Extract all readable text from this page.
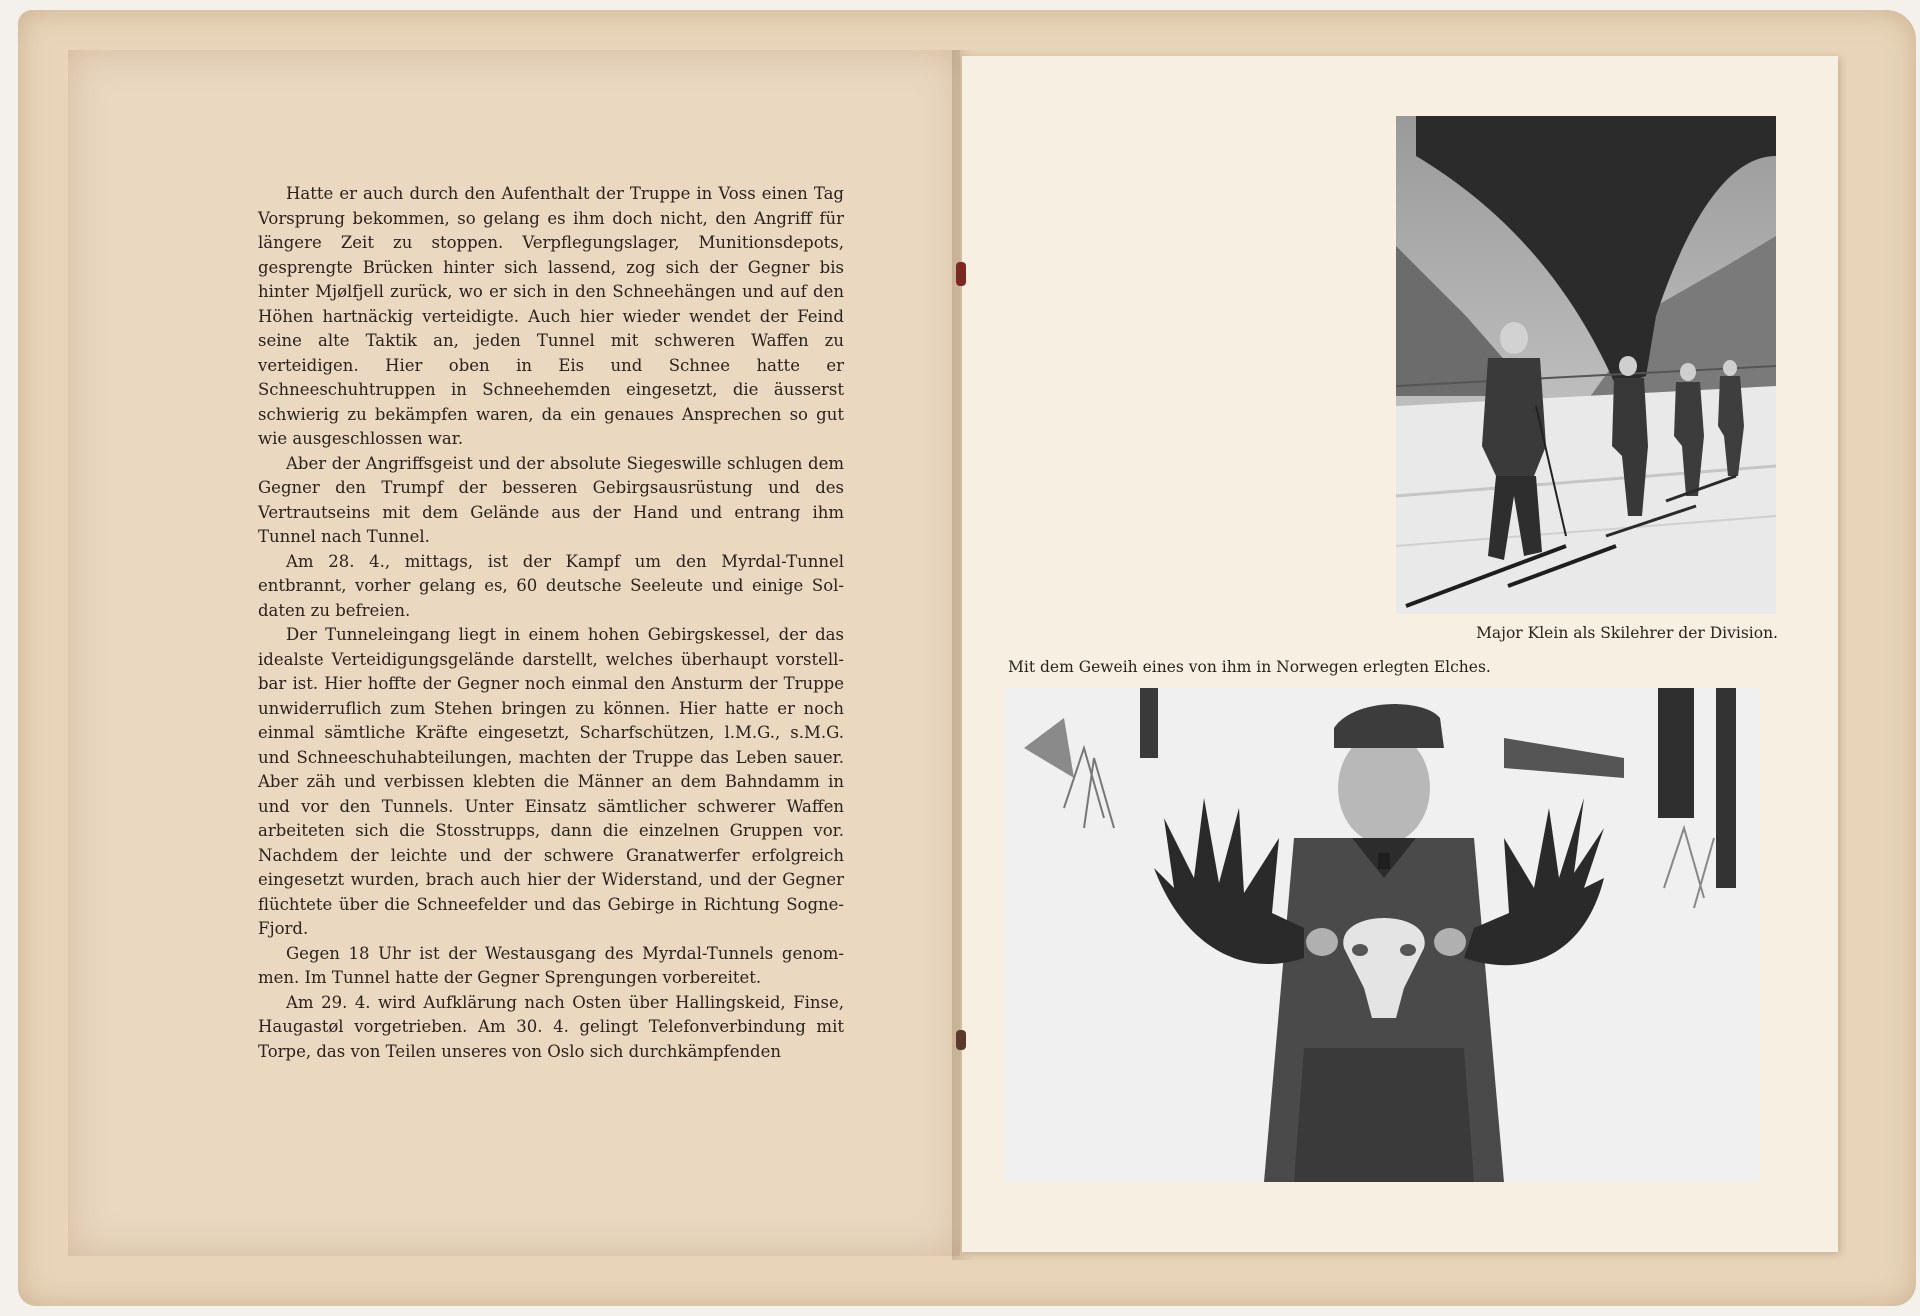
Hatte er auch durch den Aufenthalt der Truppe in Voss einen Tag Vorsprung bekommen, so gelang es ihm doch nicht, den Angriff für längere Zeit zu stoppen. Verpflegungslager, Munitionsdepots, gesprengte Brücken hinter sich lassend, zog sich der Gegner bis hinter Mjølfjell zurück, wo er sich in den Schneehängen und auf den Höhen hartnäckig verteidigte. Auch hier wieder wendet der Feind seine alte Taktik an, jeden Tunnel mit schweren Waffen zu verteidigen. Hier oben in Eis und Schnee hatte er Schneeschuhtruppen in Schneehemden eingesetzt, die äusserst schwierig zu bekämpfen waren, da ein genaues Ansprechen so gut wie ausgeschlossen war.

Aber der Angriffsgeist und der absolute Siegeswille schlugen dem Gegner den Trumpf der besseren Gebirgsausrüstung und des Vertrautseins mit dem Gelände aus der Hand und entrang ihm Tunnel nach Tunnel.

Am 28. 4., mittags, ist der Kampf um den Myrdal-Tunnel entbrannt, vorher gelang es, 60 deutsche Seeleute und einige Soldaten zu befreien.

Der Tunneleingang liegt in einem hohen Gebirgskessel, der das idealste Verteidigungsgelände darstellt, welches überhaupt vorstellbar ist. Hier hoffte der Gegner noch einmal den Ansturm der Truppe unwiderruflich zum Stehen bringen zu können. Hier hatte er noch einmal sämtliche Kräfte eingesetzt, Scharfschützen, l.M.G., s.M.G. und Schneeschuhabteilungen, machten der Truppe das Leben sauer. Aber zäh und verbissen klebten die Männer an dem Bahndamm in und vor den Tunnels. Unter Einsatz sämtlicher schwerer Waffen arbeiteten sich die Stosstrupps, dann die einzelnen Gruppen vor. Nachdem der leichte und der schwere Granatwerfer erfolgreich eingesetzt wurden, brach auch hier der Widerstand, und der Gegner flüchtete über die Schneefelder und das Gebirge in Richtung Sogne-Fjord.

Gegen 18 Uhr ist der Westausgang des Myrdal-Tunnels genommen. Im Tunnel hatte der Gegner Sprengungen vorbereitet.

Am 29. 4. wird Aufklärung nach Osten über Hallingskeid, Finse, Haugastøl vorgetrieben. Am 30. 4. gelingt Telefonverbindung mit Torpe, das von Teilen unseres von Oslo sich durchkämpfenden

Major Klein als Skilehrer der Division.
Mit dem Geweih eines von ihm in Norwegen erlegten Elches.
